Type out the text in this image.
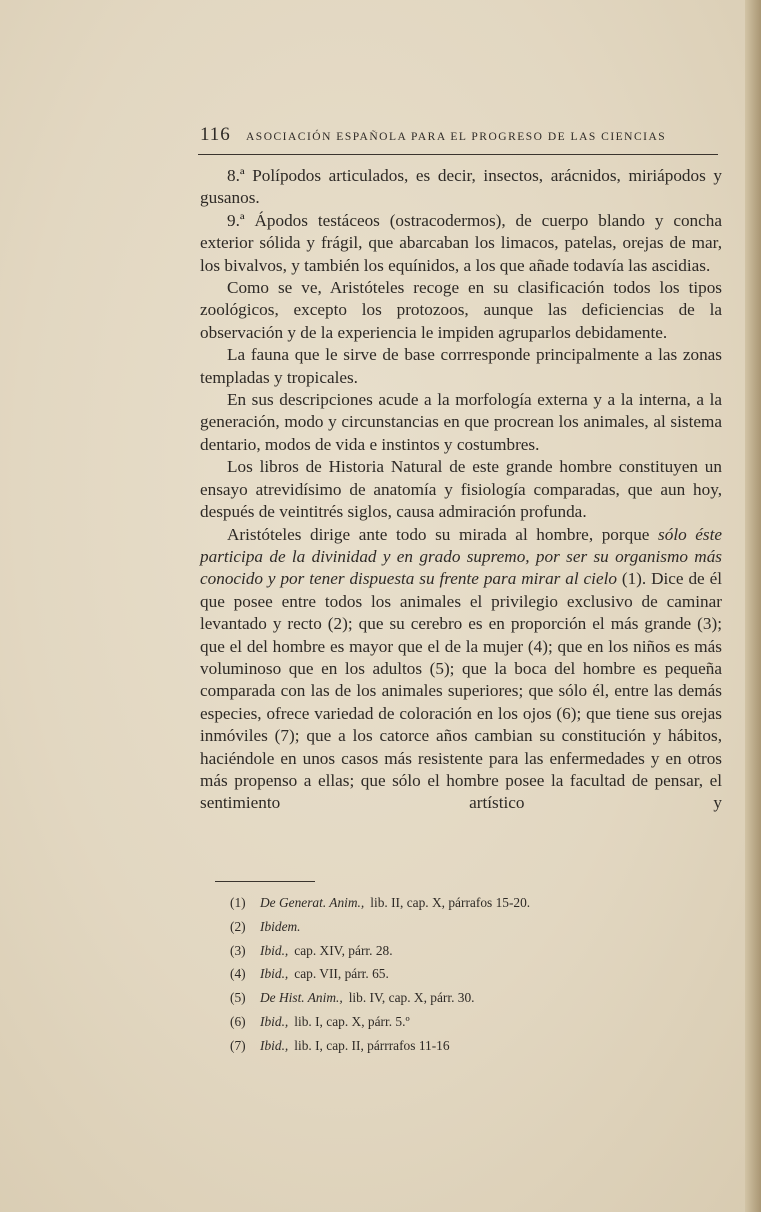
116	ASOCIACIÓN ESPAÑOLA PARA EL PROGRESO DE LAS CIENCIAS

8.ª Polípodos articulados, es decir, insectos, arácnidos, miriápodos y gusanos.

9.ª Ápodos testáceos (ostracodermos), de cuerpo blando y concha exterior sólida y frágil, que abarcaban los limacos, patelas, orejas de mar, los bivalvos, y también los equínidos, a los que añade todavía las ascidias.

Como se ve, Aristóteles recoge en su clasificación todos los tipos zoológicos, excepto los protozoos, aunque las deficiencias de la observación y de la experiencia le impiden agruparlos debidamente.

La fauna que le sirve de base corrresponde principalmente a las zonas templadas y tropicales.

En sus descripciones acude a la morfología externa y a la interna, a la generación, modo y circunstancias en que procrean los animales, al sistema dentario, modos de vida e instintos y costumbres.

Los libros de Historia Natural de este grande hombre constituyen un ensayo atrevidísimo de anatomía y fisiología comparadas, que aun hoy, después de veintitrés siglos, causa admiración profunda.

Aristóteles dirige ante todo su mirada al hombre, porque sólo éste participa de la divinidad y en grado supremo, por ser su organismo más conocido y por tener dispuesta su frente para mirar al cielo (1). Dice de él que posee entre todos los animales el privilegio exclusivo de caminar levantado y recto (2); que su cerebro es en proporción el más grande (3); que el del hombre es mayor que el de la mujer (4); que en los niños es más voluminoso que en los adultos (5); que la boca del hombre es pequeña comparada con las de los animales superiores; que sólo él, entre las demás especies, ofrece variedad de coloración en los ojos (6); que tiene sus orejas inmóviles (7); que a los catorce años cambian su constitución y hábitos, haciéndole en unos casos más resistente para las enfermedades y en otros más propenso a ellas; que sólo el hombre posee la facultad de pensar, el sentimiento artístico y

(1)	De Generat. Anim., lib. II, cap. X, párrafos 15-20.
(2)	Ibidem.
(3)	Ibid., cap. XIV, párr. 28.
(4)	Ibid., cap. VII, párr. 65.
(5)	De Hist. Anim., lib. IV, cap. X, párr. 30.
(6)	Ibid., lib. I, cap. X, párr. 5.º
(7)	Ibid., lib. I, cap. II, párrrafos 11-16
